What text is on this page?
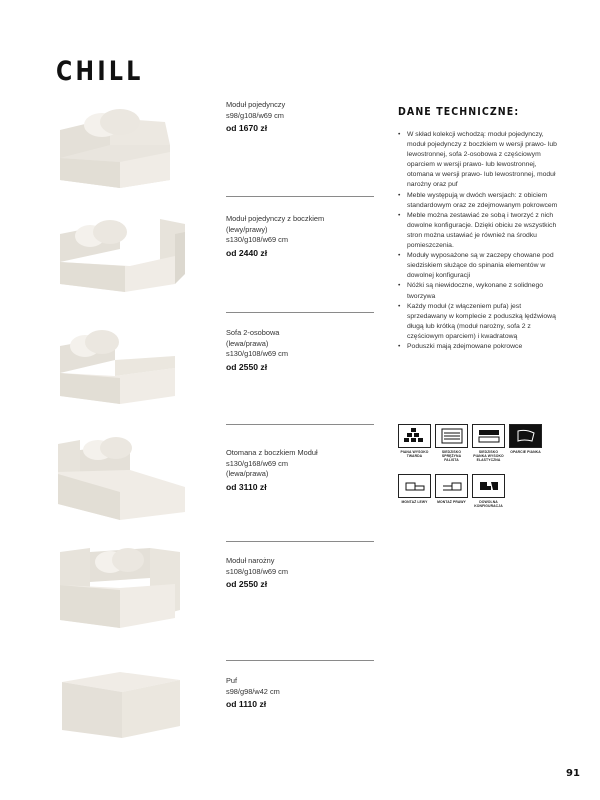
CHILL
Moduł pojedynczy
s98/g108/w69 cm
od 1670 zł
Moduł pojedynczy z boczkiem (lewy/prawy)
s130/g108/w69 cm
od 2440 zł
Sofa 2-osobowa (lewa/prawa)
s130/g108/w69 cm
od 2550 zł
Otomana z boczkiem Moduł
s130/g168/w69 cm (lewa/prawa)
od 3110 zł
Moduł narożny
s108/g108/w69 cm
od 2550 zł
Puf
s98/g98/w42 cm
od 1110 zł
DANE TECHNICZNE:
• W skład kolekcji wchodzą: moduł pojedynczy, moduł pojedynczy z boczkiem w wersji prawo- lub lewostronnej, sofa 2-osobowa z częściowym oparciem w wersji prawo- lub lewostronnej, otomana w wersji prawo- lub lewostronnej, moduł narożny oraz puf
• Meble występują w dwóch wersjach: z obiciem standardowym oraz ze zdejmowanym pokrowcem
• Meble można zestawiać ze sobą i tworzyć z nich dowolne konfiguracje. Dzięki obiciu ze wszystkich stron można ustawiać je również na środku pomieszczenia.
• Moduły wyposażone są w zaczepy chowane pod siedziskiem służące do spinania elementów w dowolnej konfiguracji
• Nóżki są niewidoczne, wykonane z solidnego tworzywa
• Każdy moduł (z włączeniem pufa) jest sprzedawany w komplecie z poduszką lędźwiową długą lub krótką (moduł narożny, sofa 2 z częściowym oparciem) i kwadratową
• Poduszki mają zdejmowane pokrowce
PIANA WYSOKO TWARDA
SIEDZISKO SPRĘŻYNA FALISTA
SIEDZISKO PIANKA WYSOKO ELASTYCZNA
OPARCIE PIANKA
MONTAŻ LEWY	MONTAŻ PRAWY	DOWOLNA KONFIGURACJA
91
